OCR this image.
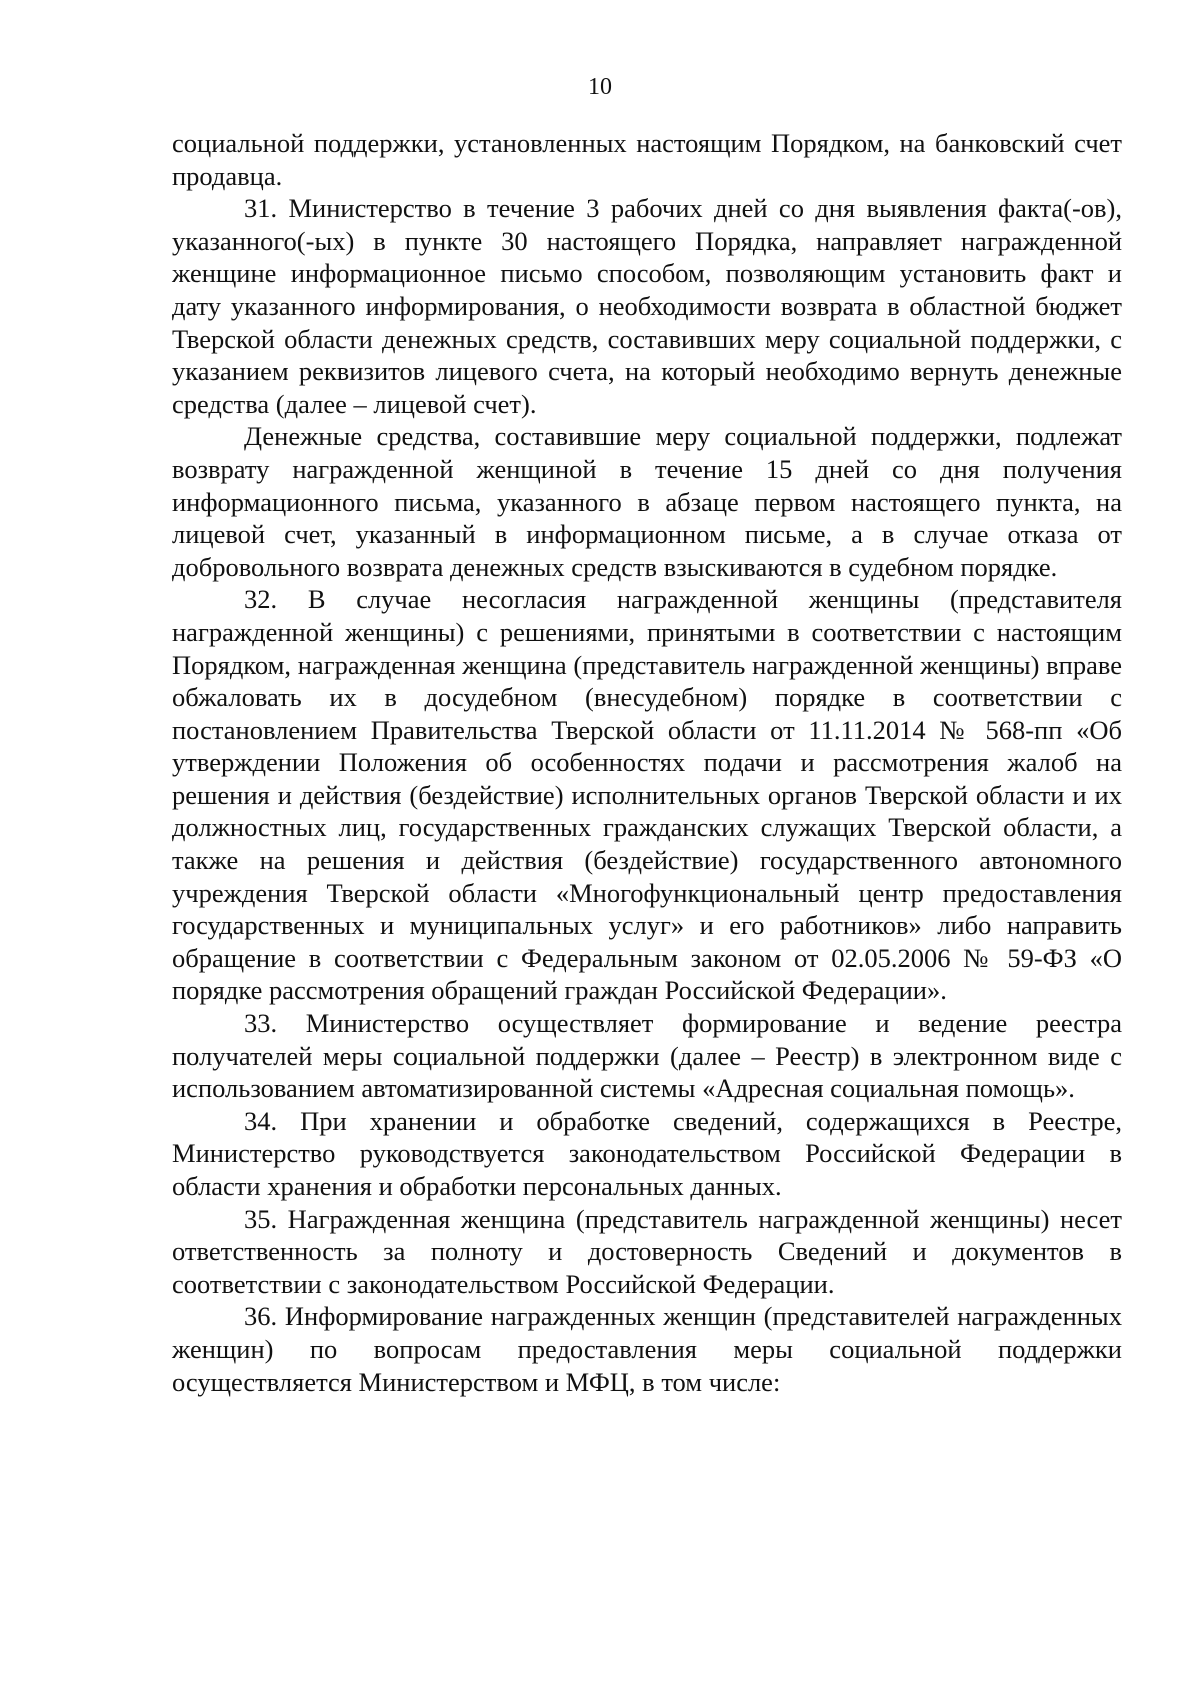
10

социальной поддержки, установленных настоящим Порядком, на банковский счет продавца.

31. Министерство в течение 3 рабочих дней со дня выявления факта(-ов), указанного(-ых) в пункте 30 настоящего Порядка, направляет награжденной женщине информационное письмо способом, позволяющим установить факт и дату указанного информирования, о необходимости возврата в областной бюджет Тверской области денежных средств, составивших меру социальной поддержки, с указанием реквизитов лицевого счета, на который необходимо вернуть денежные средства (далее – лицевой счет).

Денежные средства, составившие меру социальной поддержки, подлежат возврату награжденной женщиной в течение 15 дней со дня получения информационного письма, указанного в абзаце первом настоящего пункта, на лицевой счет, указанный в информационном письме, а в случае отказа от добровольного возврата денежных средств взыскиваются в судебном порядке.

32. В случае несогласия награжденной женщины (представителя награжденной женщины) с решениями, принятыми в соответствии с настоящим Порядком, награжденная женщина (представитель награжденной женщины) вправе обжаловать их в досудебном (внесудебном) порядке в соответствии с постановлением Правительства Тверской области от 11.11.2014 № 568-пп «Об утверждении Положения об особенностях подачи и рассмотрения жалоб на решения и действия (бездействие) исполнительных органов Тверской области и их должностных лиц, государственных гражданских служащих Тверской области, а также на решения и действия (бездействие) государственного автономного учреждения Тверской области «Многофункциональный центр предоставления государственных и муниципальных услуг» и его работников» либо направить обращение в соответствии с Федеральным законом от 02.05.2006 № 59-ФЗ «О порядке рассмотрения обращений граждан Российской Федерации».

33. Министерство осуществляет формирование и ведение реестра получателей меры социальной поддержки (далее – Реестр) в электронном виде с использованием автоматизированной системы «Адресная социальная помощь».

34. При хранении и обработке сведений, содержащихся в Реестре, Министерство руководствуется законодательством Российской Федерации в области хранения и обработки персональных данных.

35. Награжденная женщина (представитель награжденной женщины) несет ответственность за полноту и достоверность Сведений и документов в соответствии с законодательством Российской Федерации.

36. Информирование награжденных женщин (представителей награжденных женщин) по вопросам предоставления меры социальной поддержки осуществляется Министерством и МФЦ, в том числе:
